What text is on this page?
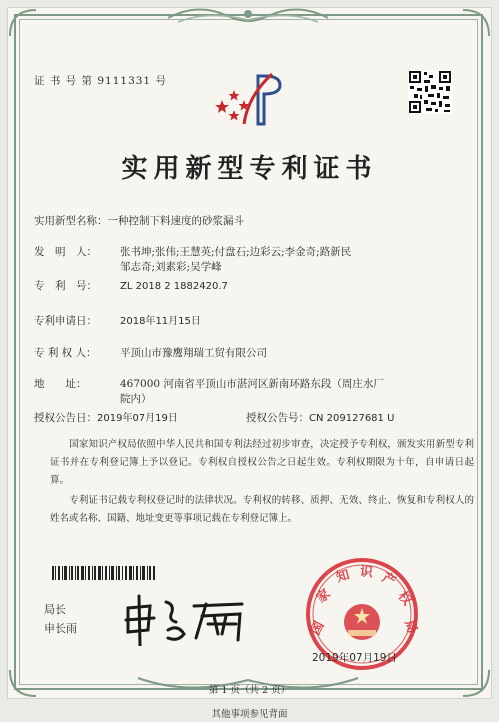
证 书 号 第 9111331 号
实用新型专利证书
实用新型名称：一种控制下料速度的砂浆漏斗
发　明　人： 张书坤;张伟;王慧英;付盘石;边彩云;李金奇;路新民
邹志奇;刘素彩;吴学峰
专　利　号： ZL 2018 2 1882420.7
专利申请日： 2018年11月15日
专 利 权 人： 平顶山市豫鹰翔瑞工贸有限公司
地　　址：	467000 河南省平顶山市湛河区新南环路东段（周庄水厂
院内）
授权公告日：2019年07月19日	授权公告号：CN 209127681 U
　　国家知识产权局依照中华人民共和国专利法经过初步审查，决定授予专利权，颁发实用新型专利证书并在专利登记簿上予以登记。专利权自授权公告之日起生效。专利权期限为十年，自申请日起算。
　　专利证书记载专利权登记时的法律状况。专利权的转移、质押、无效、终止、恢复和专利权人的姓名或名称、国籍、地址变更等事项记载在专利登记簿上。
局长
申长雨	国
家
知 识 产
权
局
2019年07月19日
第 1 页（共 2 页）
其他事项参见背面
